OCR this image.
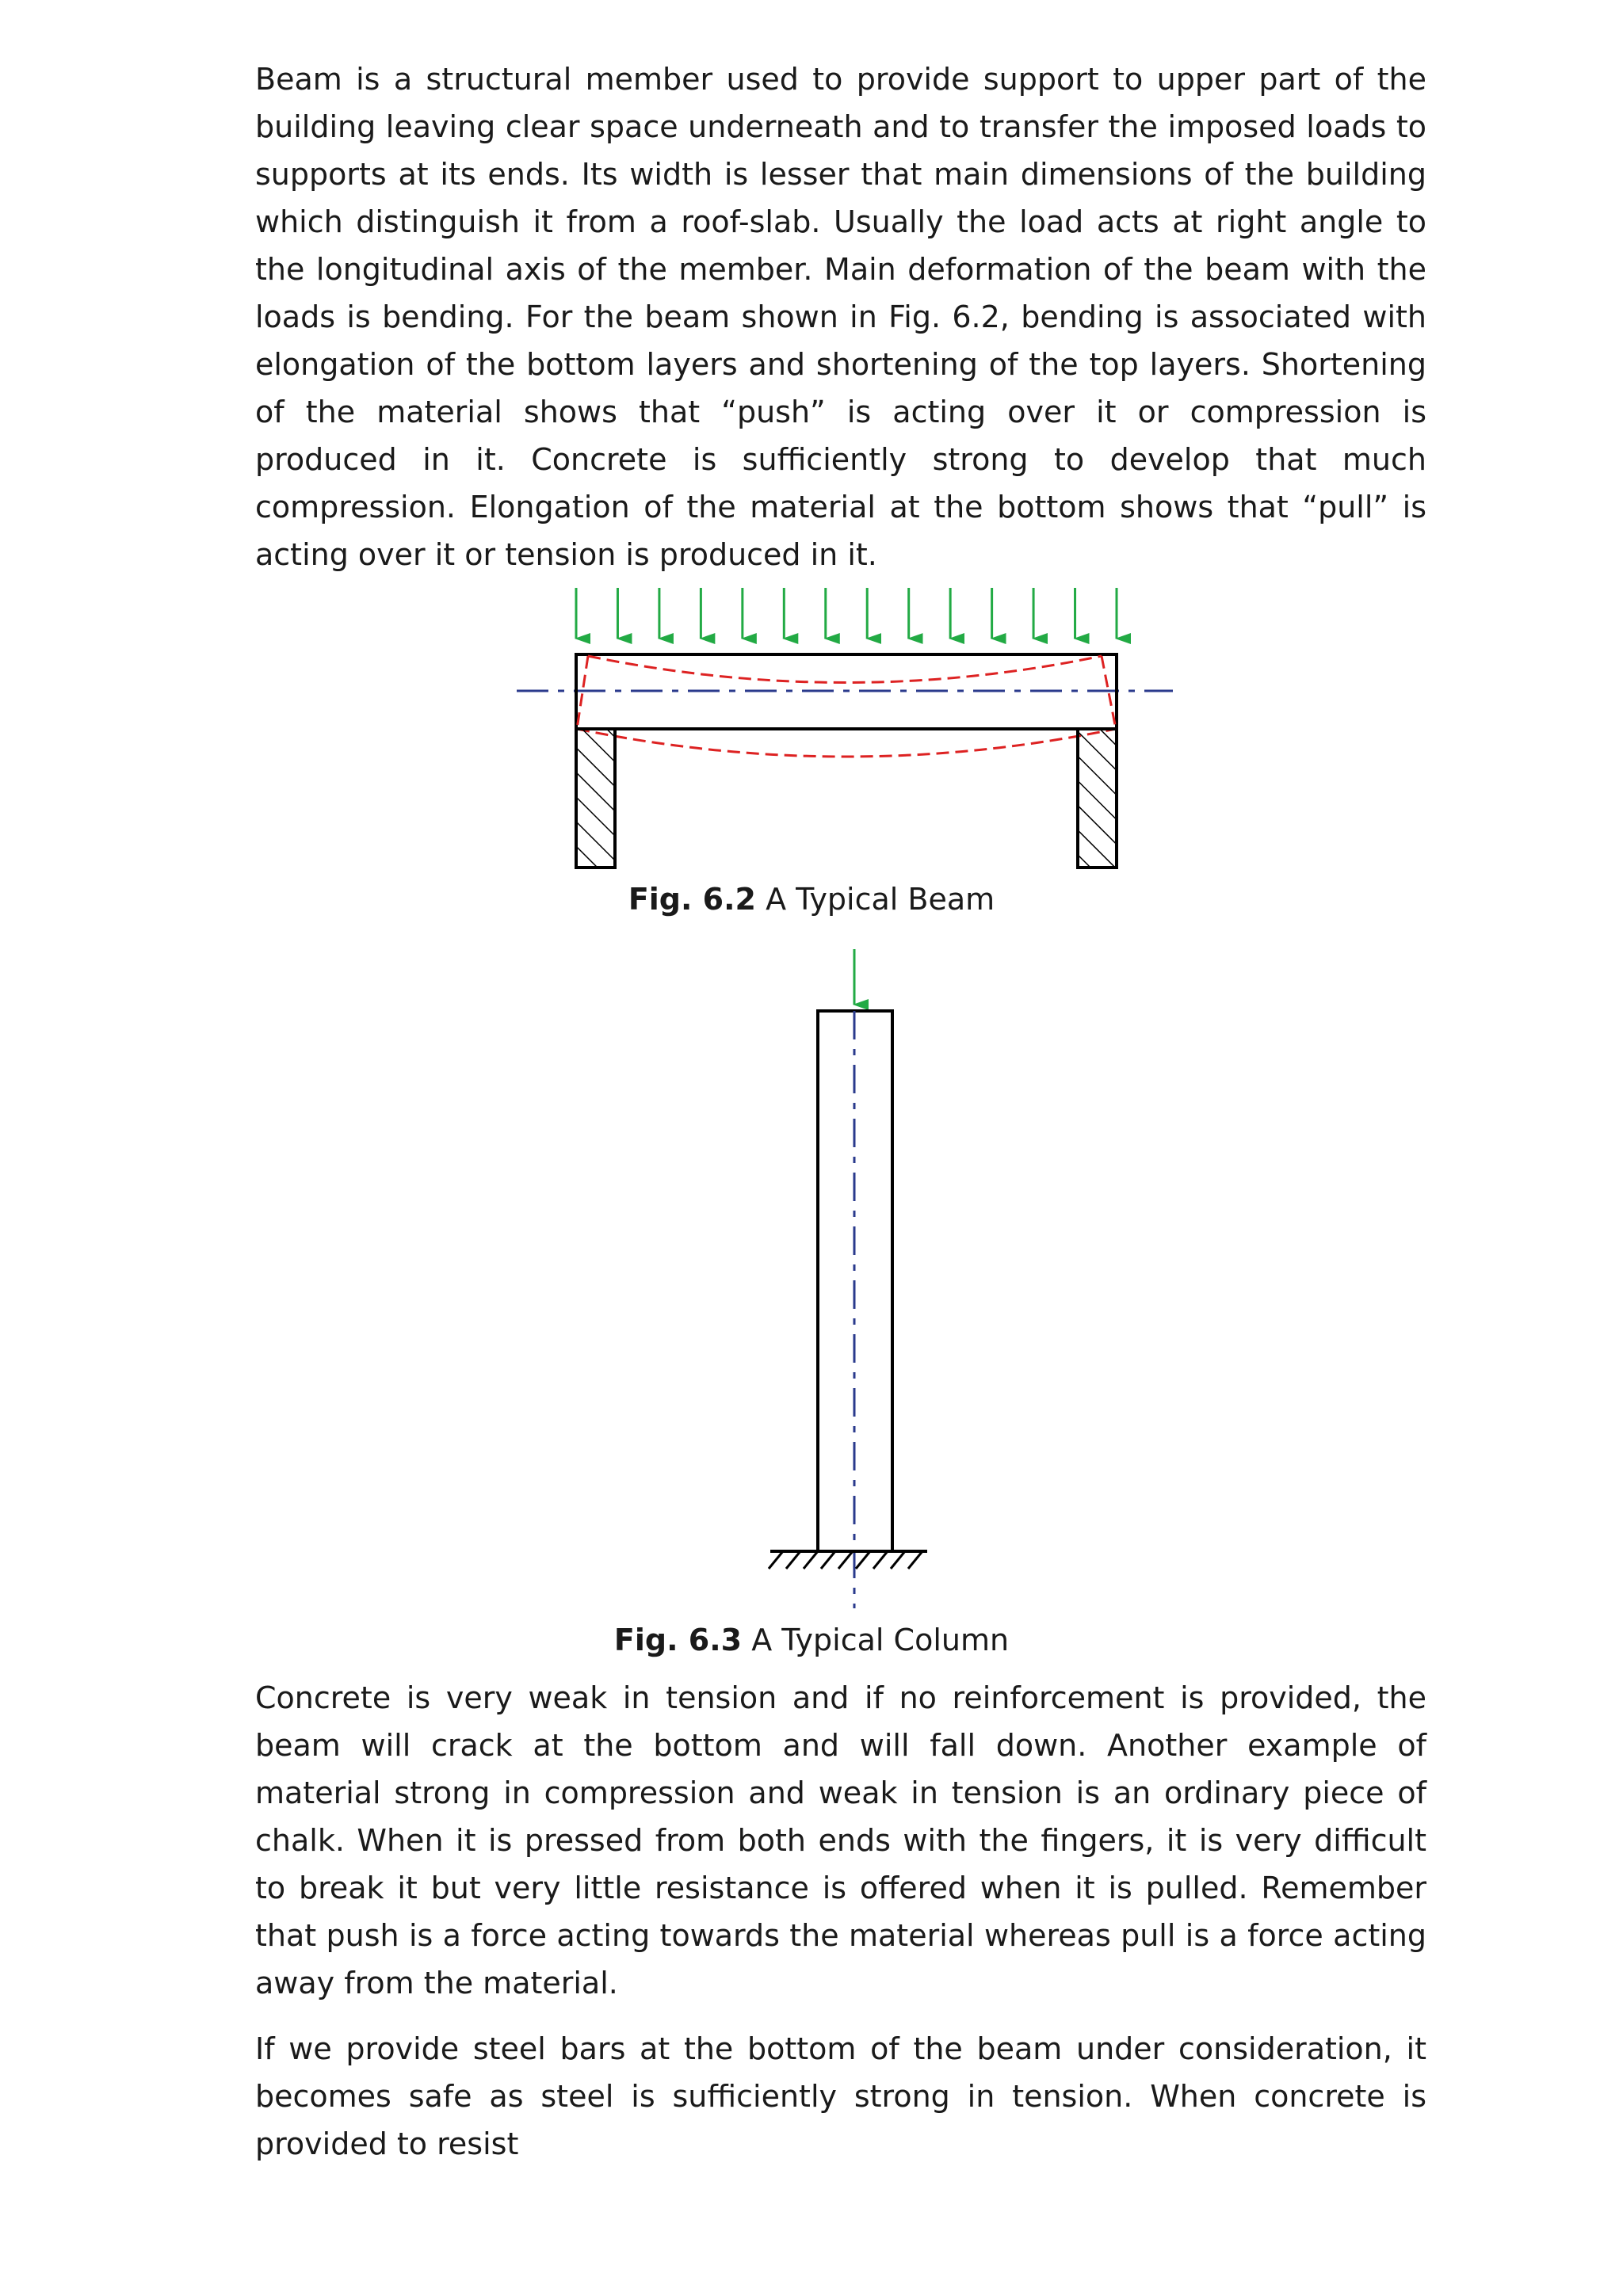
Beam is a structural member used to provide support to upper part of the building leaving clear space underneath and to transfer the imposed loads to supports at its ends. Its width is lesser that main dimensions of the building which distinguish it from a roof-slab. Usually the load acts at right angle to the longitudinal axis of the member. Main deformation of the beam with the loads is bending. For the beam shown in Fig. 6.2, bending is associated with elongation of the bottom layers and shortening of the top layers. Shortening of the material shows that “push” is acting over it or compression is produced in it. Concrete is sufficiently strong to develop that much compression. Elongation of the material at the bottom shows that “pull” is acting over it or tension is produced in it.

Fig. 6.2 A Typical Beam
Fig. 6.3 A Typical Column

Concrete is very weak in tension and if no reinforcement is provided, the beam will crack at the bottom and will fall down. Another example of material strong in compression and weak in tension is an ordinary piece of chalk. When it is pressed from both ends with the fingers, it is very difficult to break it but very little resistance is offered when it is pulled. Remember that push is a force acting towards the material whereas pull is a force acting away from the material.

If we provide steel bars at the bottom of the beam under consideration, it becomes safe as steel is sufficiently strong in tension. When concrete is provided to resist
